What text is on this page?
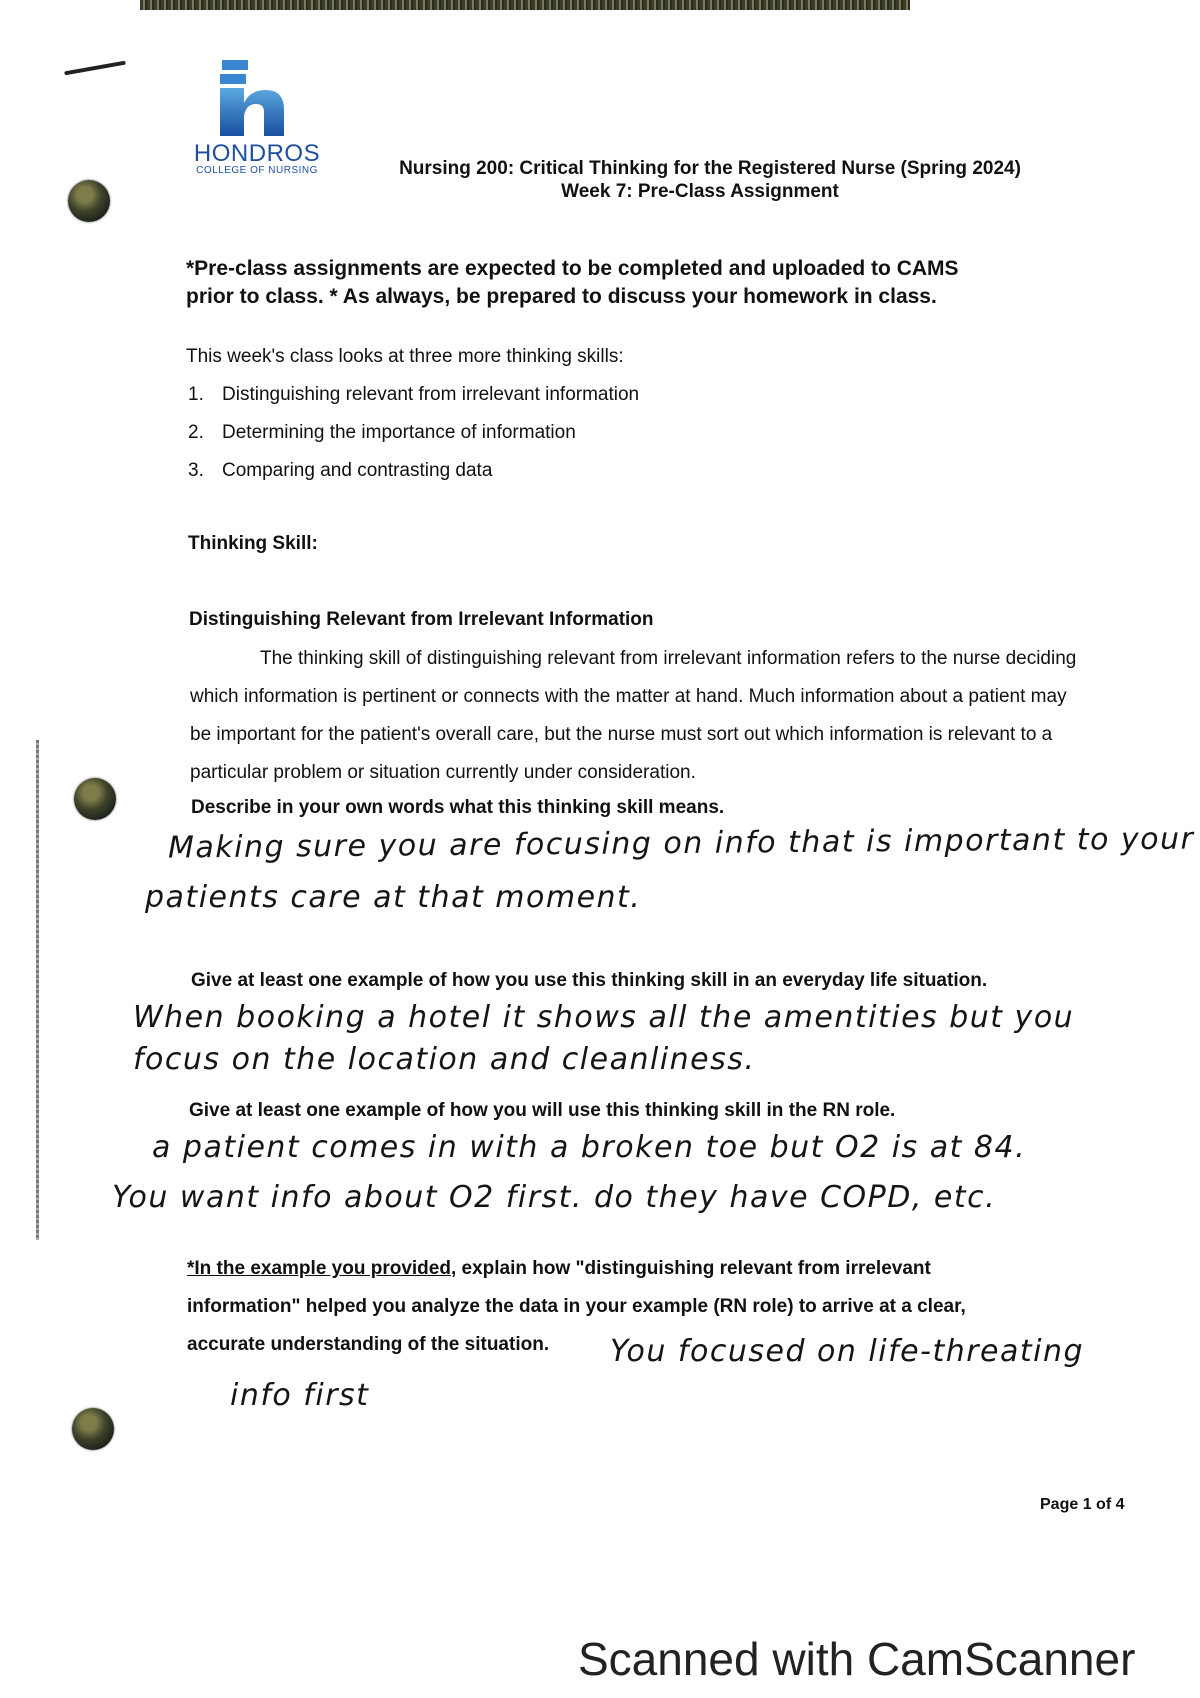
HONDROS
COLLEGE OF NURSING	Nursing 200: Critical Thinking for the Registered Nurse (Spring 2024)
Week 7: Pre-Class Assignment
*Pre-class assignments are expected to be completed and uploaded to CAMS
prior to class. * As always, be prepared to discuss your homework in class.
This week's class looks at three more thinking skills:
1. Distinguishing relevant from irrelevant information
2. Determining the importance of information
3. Comparing and contrasting data
Thinking Skill:
Distinguishing Relevant from Irrelevant Information
The thinking skill of distinguishing relevant from irrelevant information refers to the nurse deciding which information is pertinent or connects with the matter at hand. Much information about a patient may be important for the patient's overall care, but the nurse must sort out which information is relevant to a particular problem or situation currently under consideration.
Describe in your own words what this thinking skill means.
Making sure you are focusing on info that is important to your
patients care at that moment.
Give at least one example of how you use this thinking skill in an everyday life situation.
When booking a hotel it shows all the amentities but you
focus on the location and cleanliness.
Give at least one example of how you will use this thinking skill in the RN role.
a patient comes in with a broken toe but O2 is at 84.
You want info about O2 first. do they have COPD, etc.
*In the example you provided, explain how "distinguishing relevant from irrelevant
information" helped you analyze the data in your example (RN role) to arrive at a clear,
accurate understanding of the situation.	You focused on life-threating
info first
Page 1 of 4
Scanned with CamScanner
